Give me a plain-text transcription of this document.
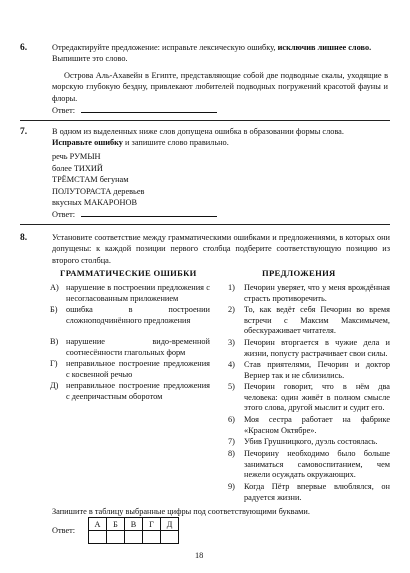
6.	Отредактируйте предложение: исправьте лексическую ошибку, исключив лишнее слово.
Выпишите это слово.
Острова Аль-Ахавейн в Египте, представляющие собой две подводные скалы, уходящие в морскую глубокую бездну, привлекают любителей подводных погружений красотой фауны и флоры.
Ответ:
7.	В одном из выделенных ниже слов допущена ошибка в образовании формы слова.
Исправьте ошибку и запишите слово правильно.
речь РУМЫН
более ТИХИЙ
ТРЁМСТАМ бегунам
ПОЛУТОРАСТА деревьев
вкусных МАКАРОНОВ
Ответ:
8.	Установите соответствие между грамматическими ошибками и предложениями, в которых они допущены: к каждой позиции первого столбца подберите соответствующую позицию из второго столбца.
ГРАММАТИЧЕСКИЕ ОШИБКИ	ПРЕДЛОЖЕНИЯ
А) нарушение в построении предложения с несогласованным приложением
Б) ошибка в построении сложноподчинённого предложения
В) нарушение видо-временной соотнесённости глагольных форм
Г) неправильное построение предложения с косвенной речью
Д) неправильное построение предложения с деепричастным оборотом
1) Печорин уверяет, что у меня врождённая страсть противоречить.
2) То, как ведёт себя Печорин во время встречи с Максим Максимычем, обескураживает читателя.
3) Печорин вторгается в чужие дела и жизни, попусту растрачивает свои силы.
4) Став приятелями, Печорин и доктор Вернер так и не сблизились.
5) Печорин говорит, что в нём два человека: один живёт в полном смысле этого слова, другой мыслит и судит его.
6) Моя сестра работает на фабрике «Красном Октябре».
7) Убив Грушницкого, дуэль состоялась.
8) Печорину необходимо было больше заниматься самовоспитанием, чем нежели осуждать окружающих.
9) Когда Пётр впервые влюблялся, он радуется жизни.
Запишите в таблицу выбранные цифры под соответствующими буквами.
Ответ:
А	Б	В	Г	Д

18
